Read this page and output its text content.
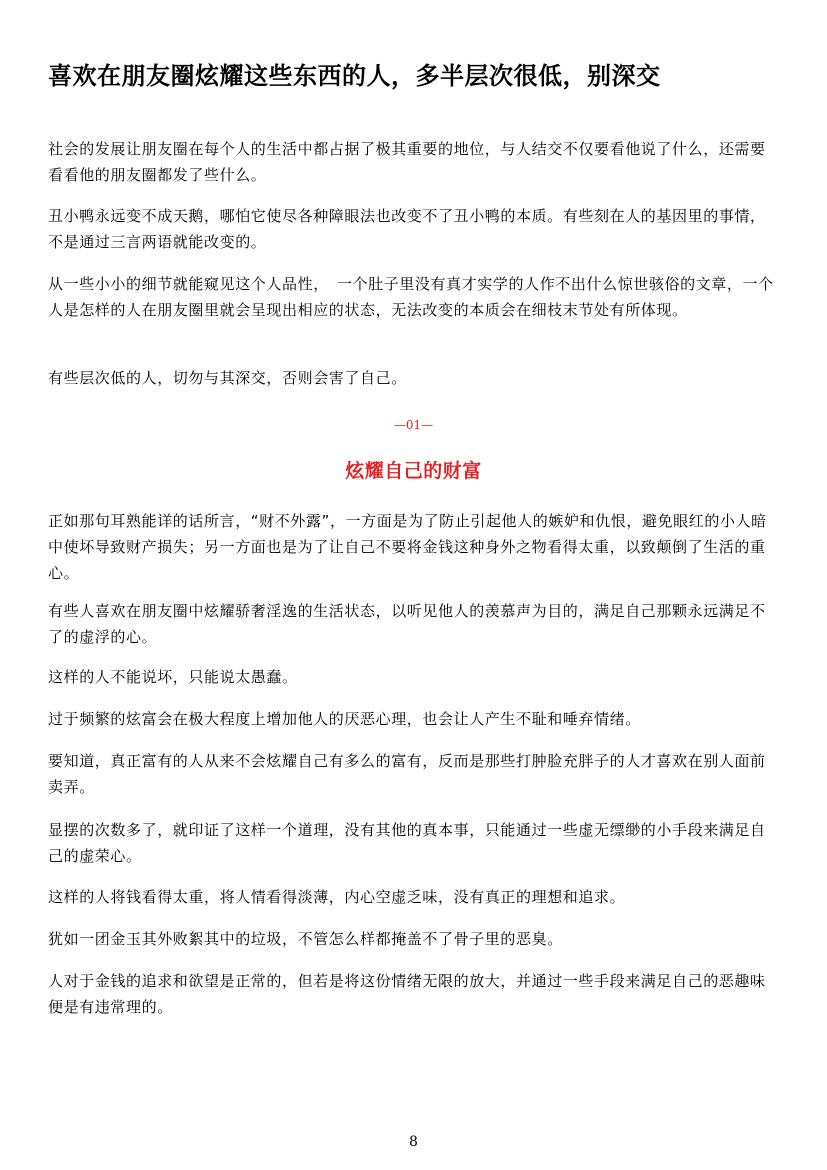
喜欢在朋友圈炫耀这些东西的人，多半层次很低，别深交

社会的发展让朋友圈在每个人的生活中都占据了极其重要的地位，与人结交不仅要看他说了什么，还需要看看他的朋友圈都发了些什么。

丑小鸭永远变不成天鹅，哪怕它使尽各种障眼法也改变不了丑小鸭的本质。有些刻在人的基因里的事情，不是通过三言两语就能改变的。

从一些小小的细节就能窥见这个人品性，　一个肚子里没有真才实学的人作不出什么惊世骇俗的文章，一个人是怎样的人在朋友圈里就会呈现出相应的状态，无法改变的本质会在细枝末节处有所体现。

有些层次低的人，切勿与其深交，否则会害了自己。

—01—
炫耀自己的财富

正如那句耳熟能详的话所言，“财不外露”，一方面是为了防止引起他人的嫉妒和仇恨，避免眼红的小人暗中使坏导致财产损失；另一方面也是为了让自己不要将金钱这种身外之物看得太重，以致颠倒了生活的重心。

有些人喜欢在朋友圈中炫耀骄奢淫逸的生活状态，以听见他人的羡慕声为目的，满足自己那颗永远满足不了的虚浮的心。

这样的人不能说坏，只能说太愚蠢。

过于频繁的炫富会在极大程度上增加他人的厌恶心理，也会让人产生不耻和唾弃情绪。

要知道，真正富有的人从来不会炫耀自己有多么的富有，反而是那些打肿脸充胖子的人才喜欢在别人面前卖弄。

显摆的次数多了，就印证了这样一个道理，没有其他的真本事，只能通过一些虚无缥缈的小手段来满足自己的虚荣心。

这样的人将钱看得太重，将人情看得淡薄，内心空虚乏味，没有真正的理想和追求。

犹如一团金玉其外败絮其中的垃圾，不管怎么样都掩盖不了骨子里的恶臭。

人对于金钱的追求和欲望是正常的，但若是将这份情绪无限的放大，并通过一些手段来满足自己的恶趣味便是有违常理的。

8
